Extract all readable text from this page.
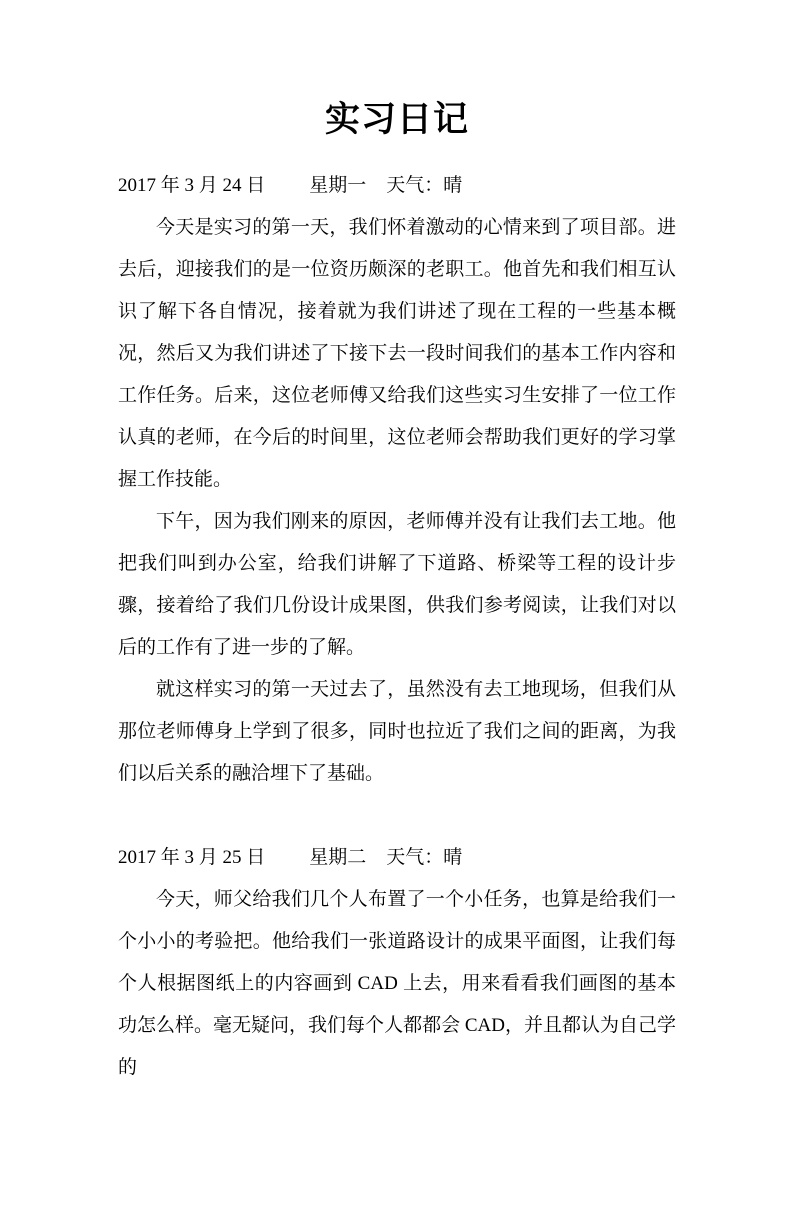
实习日记

2017 年 3 月 24 日 星期一 天气：晴

今天是实习的第一天，我们怀着激动的心情来到了项目部。进去后，迎接我们的是一位资历颇深的老职工。他首先和我们相互认识了解下各自情况，接着就为我们讲述了现在工程的一些基本概况，然后又为我们讲述了下接下去一段时间我们的基本工作内容和工作任务。后来，这位老师傅又给我们这些实习生安排了一位工作认真的老师，在今后的时间里，这位老师会帮助我们更好的学习掌握工作技能。

下午，因为我们刚来的原因，老师傅并没有让我们去工地。他把我们叫到办公室，给我们讲解了下道路、桥梁等工程的设计步骤，接着给了我们几份设计成果图，供我们参考阅读，让我们对以后的工作有了进一步的了解。

就这样实习的第一天过去了，虽然没有去工地现场，但我们从那位老师傅身上学到了很多，同时也拉近了我们之间的距离，为我们以后关系的融洽埋下了基础。

2017 年 3 月 25 日 星期二 天气：晴

今天，师父给我们几个人布置了一个小任务，也算是给我们一个小小的考验把。他给我们一张道路设计的成果平面图，让我们每个人根据图纸上的内容画到 CAD 上去，用来看看我们画图的基本功怎么样。毫无疑问，我们每个人都都会 CAD，并且都认为自己学的
